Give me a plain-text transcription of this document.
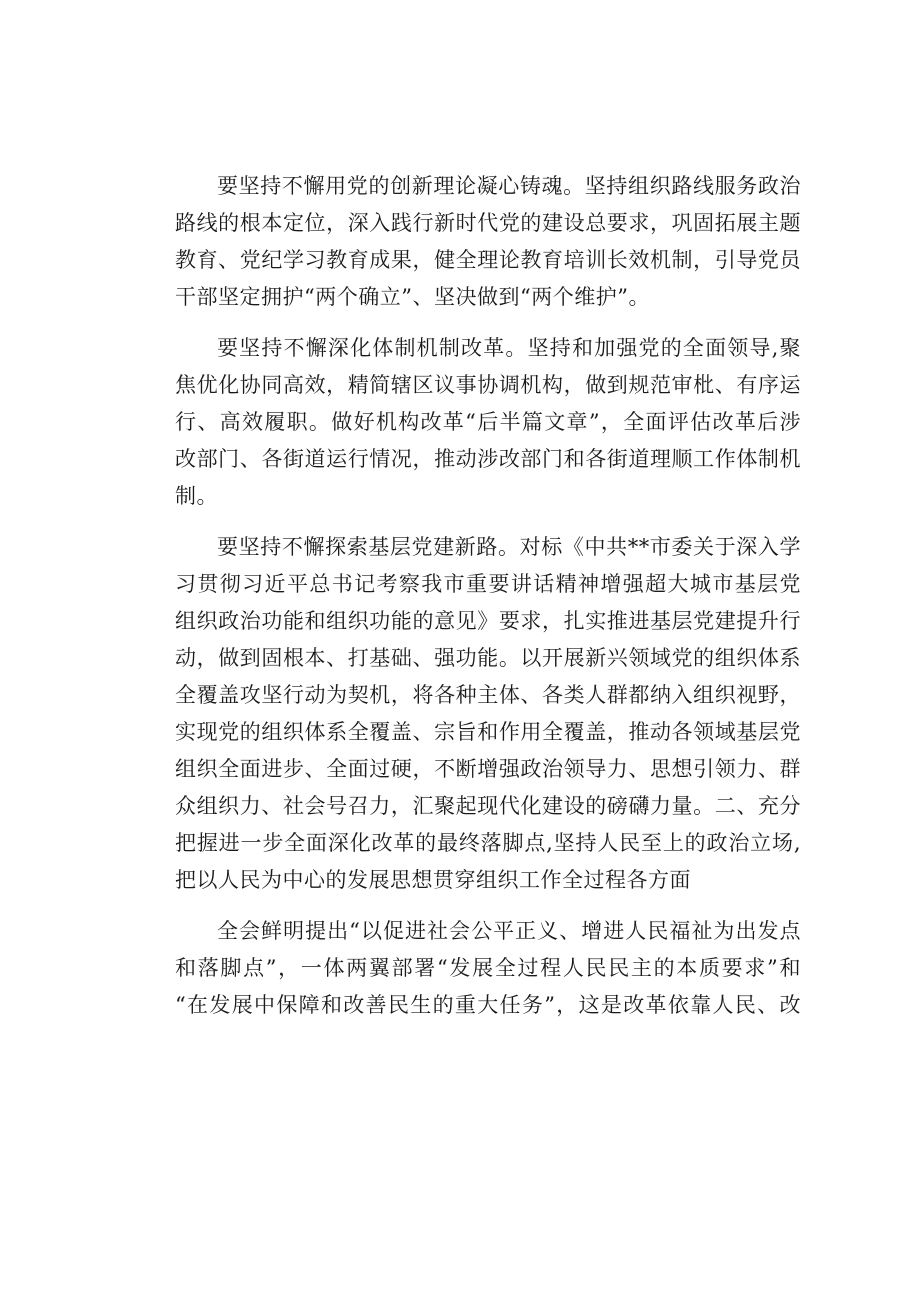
要坚持不懈用党的创新理论凝心铸魂。坚持组织路线服务政治
路线的根本定位，深入践行新时代党的建设总要求，巩固拓展主题
教育、党纪学习教育成果，健全理论教育培训长效机制，引导党员
干部坚定拥护“两个确立”、坚决做到“两个维护”。
要坚持不懈深化体制机制改革。坚持和加强党的全面领导,聚
焦优化协同高效，精简辖区议事协调机构，做到规范审枇、有序运
行、高效履职。做好机构改革“后半篇文章”，全面评估改革后涉
改部门、各街道运行情况，推动涉改部门和各街道理顺工作体制机
制。
要坚持不懈探索基层党建新路。对标《中共**市委关于深入学
习贯彻习近平总书记考察我市重要讲话精神增强超大城市基层党
组织政治功能和组织功能的意见》要求，扎实推进基层党建提升行
动，做到固根本、打基础、强功能。以开展新兴领域党的组织体系
全覆盖攻坚行动为契机，将各种主体、各类人群都纳入组织视野，
实现党的组织体系全覆盖、宗旨和作用全覆盖，推动各领域基层党
组织全面进步、全面过硬，不断增强政治领导力、思想引领力、群
众组织力、社会号召力，汇聚起现代化建设的磅礴力量。二、充分
把握进一步全面深化改革的最终落脚点,坚持人民至上的政治立场,
把以人民为中心的发展思想贯穿组织工作全过程各方面
全会鲜明提出“以促进社会公平正义、增进人民福祉为出发点
和落脚点”，一体两翼部署“发展全过程人民民主的本质要求”和
“在发展中保障和改善民生的重大任务”，这是改革依靠人民、改
